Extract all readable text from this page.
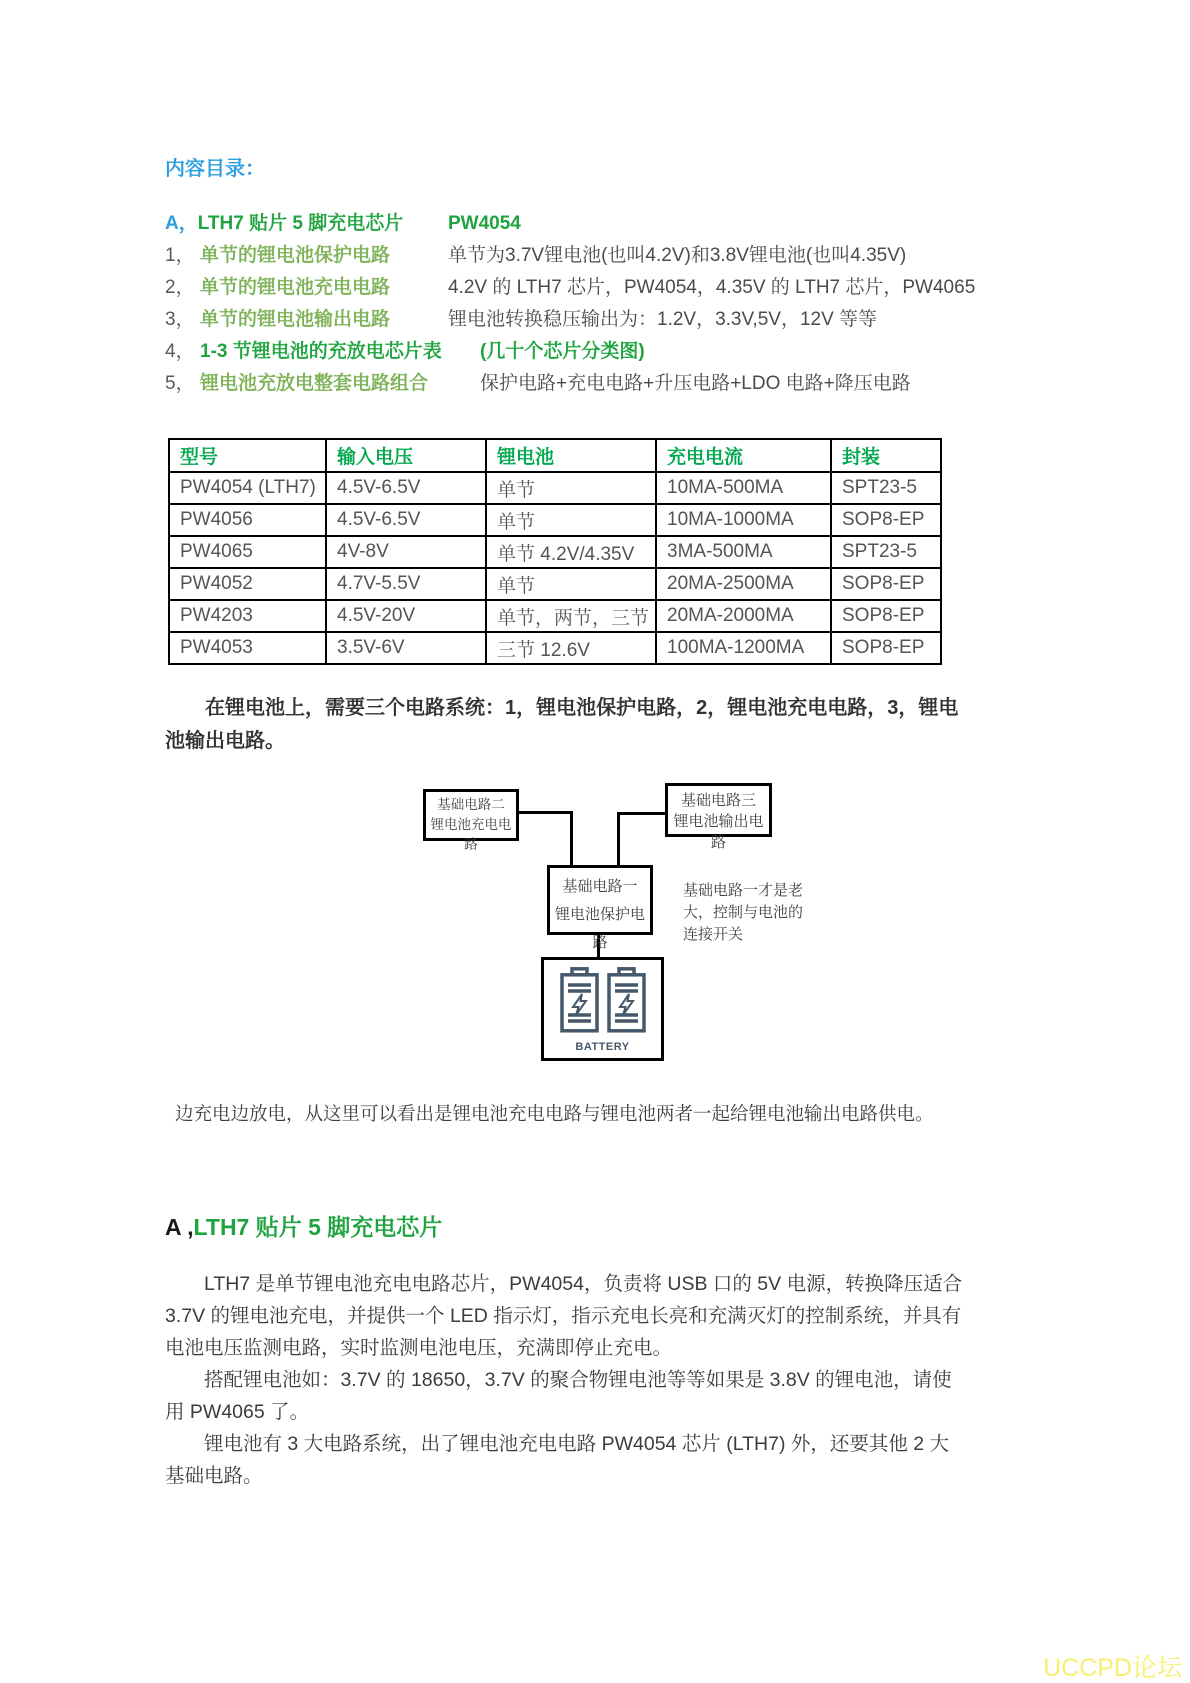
内容目录：
A，LTH7 贴片 5 脚充电芯片	PW4054
1， 单节的锂电池保护电路	单节为3.7V锂电池(也叫4.2V)和3.8V锂电池(也叫4.35V)
2， 单节的锂电池充电电路	4.2V 的 LTH7 芯片，PW4054，4.35V 的 LTH7 芯片，PW4065
3， 单节的锂电池输出电路	锂电池转换稳压输出为：1.2V，3.3V,5V，12V 等等
4， 1-3 节锂电池的充放电芯片表	(几十个芯片分类图)
5， 锂电池充放电整套电路组合	保护电路+充电电路+升压电路+LDO 电路+降压电路
型号	输入电压	锂电池	充电电流	封装
PW4054 (LTH7)	4.5V-6.5V	单节	10MA-500MA	SPT23-5
PW4056	4.5V-6.5V	单节	10MA-1000MA	SOP8-EP
PW4065	4V-8V	单节 4.2V/4.35V	3MA-500MA	SPT23-5
PW4052	4.7V-5.5V	单节	20MA-2500MA	SOP8-EP
PW4203	4.5V-20V	单节，两节，三节	20MA-2000MA	SOP8-EP
PW4053	3.5V-6V	三节 12.6V	100MA-1200MA	SOP8-EP

在锂电池上，需要三个电路系统：1，锂电池保护电路，2，锂电池充电电路，3，锂电池输出电路。

基础电路二
锂电池充电电路
基础电路三
锂电池输出电路
基础电路一
锂电池保护电路
BATTERY
基础电路一才是老
大，控制与电池的
连接开关

边充电边放电，从这里可以看出是锂电池充电电路与锂电池两者一起给锂电池输出电路供电。

A ,LTH7 贴片 5 脚充电芯片

LTH7 是单节锂电池充电电路芯片，PW4054，负责将 USB 口的 5V 电源，转换降压适合 3.7V 的锂电池充电，并提供一个 LED 指示灯，指示充电长亮和充满灭灯的控制系统，并具有电池电压监测电路，实时监测电池电压，充满即停止充电。

搭配锂电池如：3.7V 的 18650，3.7V 的聚合物锂电池等等如果是 3.8V 的锂电池，请使用 PW4065 了。

锂电池有 3 大电路系统，出了锂电池充电电路 PW4054 芯片 (LTH7) 外，还要其他 2 大基础电路。

UCCPD论坛
